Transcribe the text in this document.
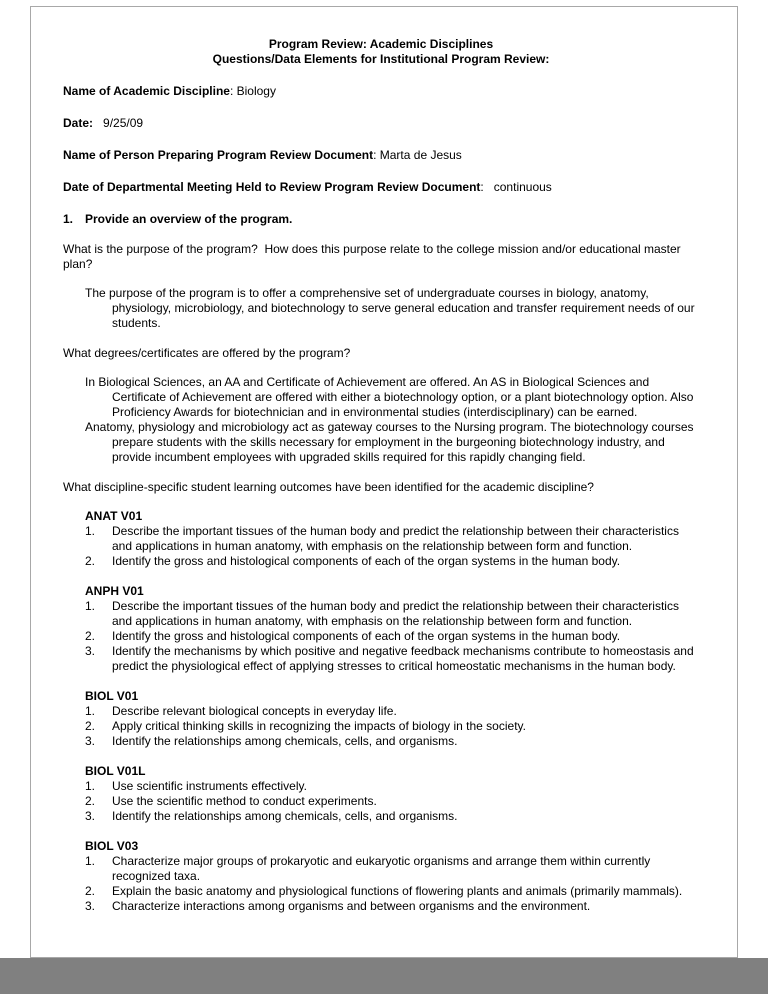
Program Review: Academic Disciplines
Questions/Data Elements for Institutional Program Review:

Name of Academic Discipline: Biology

Date:   9/25/09

Name of Person Preparing Program Review Document: Marta de Jesus

Date of Departmental Meeting Held to Review Program Review Document:   continuous

1. Provide an overview of the program.

What is the purpose of the program?  How does this purpose relate to the college mission and/or educational master plan?

The purpose of the program is to offer a comprehensive set of undergraduate courses in biology, anatomy, physiology, microbiology, and biotechnology to serve general education and transfer requirement needs of our students.

What degrees/certificates are offered by the program?

In Biological Sciences, an AA and Certificate of Achievement are offered. An AS in Biological Sciences and Certificate of Achievement are offered with either a biotechnology option, or a plant biotechnology option. Also Proficiency Awards for biotechnician and in environmental studies (interdisciplinary) can be earned.

Anatomy, physiology and microbiology act as gateway courses to the Nursing program. The biotechnology courses prepare students with the skills necessary for employment in the burgeoning biotechnology industry, and provide incumbent employees with upgraded skills required for this rapidly changing field.

What discipline-specific student learning outcomes have been identified for the academic discipline?

ANAT V01

1.	Describe the important tissues of the human body and predict the relationship between their characteristics and applications in human anatomy, with emphasis on the relationship between form and function.
2.	Identify the gross and histological components of each of the organ systems in the human body.

ANPH V01

1.	Describe the important tissues of the human body and predict the relationship between their characteristics and applications in human anatomy, with emphasis on the relationship between form and function.
2.	Identify the gross and histological components of each of the organ systems in the human body.
3.	Identify the mechanisms by which positive and negative feedback mechanisms contribute to homeostasis and predict the physiological effect of applying stresses to critical homeostatic mechanisms in the human body.

BIOL V01

1.	Describe relevant biological concepts in everyday life.
2.	Apply critical thinking skills in recognizing the impacts of biology in the society.
3.	Identify the relationships among chemicals, cells, and organisms.

BIOL V01L

1.	Use scientific instruments effectively.
2.	Use the scientific method to conduct experiments.
3.	Identify the relationships among chemicals, cells, and organisms.

BIOL V03

1.	Characterize major groups of prokaryotic and eukaryotic organisms and arrange them within currently recognized taxa.
2.	Explain the basic anatomy and physiological functions of flowering plants and animals (primarily mammals).
3.	Characterize interactions among organisms and between organisms and the environment.
